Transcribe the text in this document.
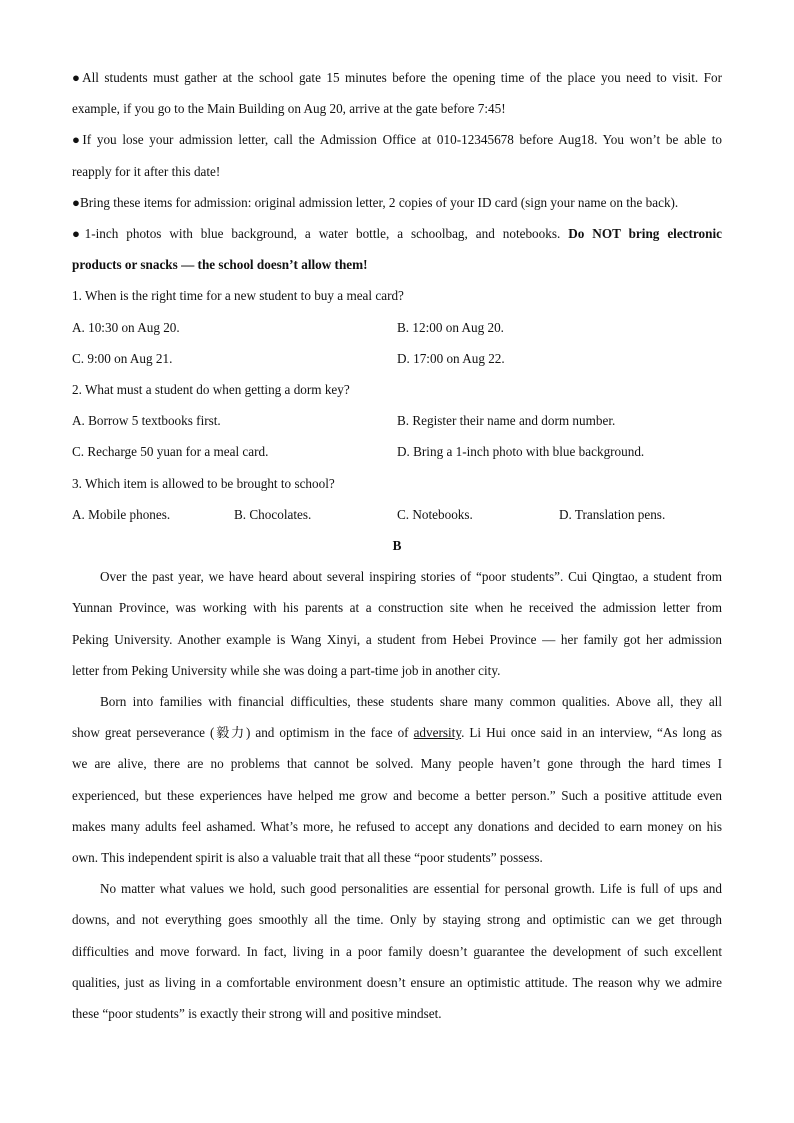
●All students must gather at the school gate 15 minutes before the opening time of the place you need to visit. For
example, if you go to the Main Building on Aug 20, arrive at the gate before 7:45!
●If you lose your admission letter, call the Admission Office at 010-12345678 before Aug18. You won’t be able to
reapply for it after this date!
●Bring these items for admission: original admission letter, 2 copies of your ID card (sign your name on the back).
●1-inch photos with blue background, a water bottle, a schoolbag, and notebooks. Do NOT bring electronic
products or snacks — the school doesn’t allow them!
1. When is the right time for a new student to buy a meal card?
A. 10:30 on Aug 20.	B. 12:00 on Aug 20.
C. 9:00 on Aug 21.	D. 17:00 on Aug 22.
2. What must a student do when getting a dorm key?
A. Borrow 5 textbooks first.	B. Register their name and dorm number.
C. Recharge 50 yuan for a meal card.	D. Bring a 1-inch photo with blue background.
3. Which item is allowed to be brought to school?
A. Mobile phones.	B. Chocolates.	C. Notebooks.	D. Translation pens.
B
Over the past year, we have heard about several inspiring stories of “poor students”. Cui Qingtao, a student from
Yunnan Province, was working with his parents at a construction site when he received the admission letter from
Peking University. Another example is Wang Xinyi, a student from Hebei Province — her family got her admission
letter from Peking University while she was doing a part-time job in another city.
Born into families with financial difficulties, these students share many common qualities. Above all, they all
show great perseverance (毅力) and optimism in the face of adversity. Li Hui once said in an interview, “As long as
we are alive, there are no problems that cannot be solved. Many people haven’t gone through the hard times I
experienced, but these experiences have helped me grow and become a better person.” Such a positive attitude even
makes many adults feel ashamed. What’s more, he refused to accept any donations and decided to earn money on his
own. This independent spirit is also a valuable trait that all these “poor students” possess.
No matter what values we hold, such good personalities are essential for personal growth. Life is full of ups and
downs, and not everything goes smoothly all the time. Only by staying strong and optimistic can we get through
difficulties and move forward. In fact, living in a poor family doesn’t guarantee the development of such excellent
qualities, just as living in a comfortable environment doesn’t ensure an optimistic attitude. The reason why we admire
these “poor students” is exactly their strong will and positive mindset.
